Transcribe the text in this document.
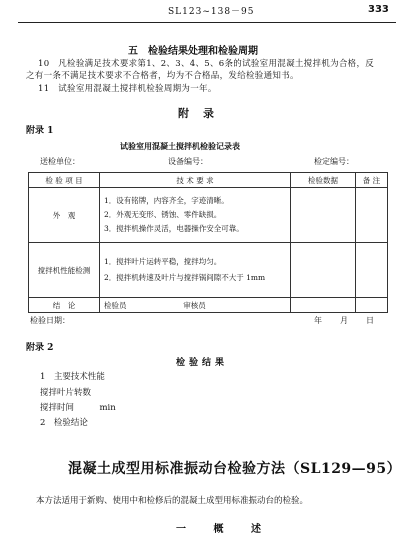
SL123~138－95	333
五　检验结果处理和检验周期
10　凡检验满足技术要求第1、2、3、4、5、6条的试验室用混凝土搅拌机为合格，反
之有一条不满足技术要求不合格者，均为不合格品，发给检验通知书。
11　试验室用混凝土搅拌机检验周期为一年。
附录
附录 1
试验室用混凝土搅拌机检验记录表
送检单位：	设备编号：	检定编号：
检 验 项 目	技 术 要 求	检验数据	备 注
外　观	1．设有铭牌，内容齐全，字迹清晰。
2．外观无变形、锈蚀、零件缺损。
3．搅拌机操作灵活，电器操作安全可靠。		

搅拌机性能检测	1．搅拌叶片运转平稳，搅拌均匀。
2．搅拌机转速及叶片与搅拌锅间隙不大于 1mm		

结　论	检验员 审核员		
检验日期：	年 月 日
附录 2
检验结果
1　主要技术性能
搅拌叶片转数
搅拌时间　　　min
2　检验结论
混凝土成型用标准振动台检验方法（SL129—95）
本方法适用于新购、使用中和检修后的混凝土成型用标准振动台的检验。
一 概 述
